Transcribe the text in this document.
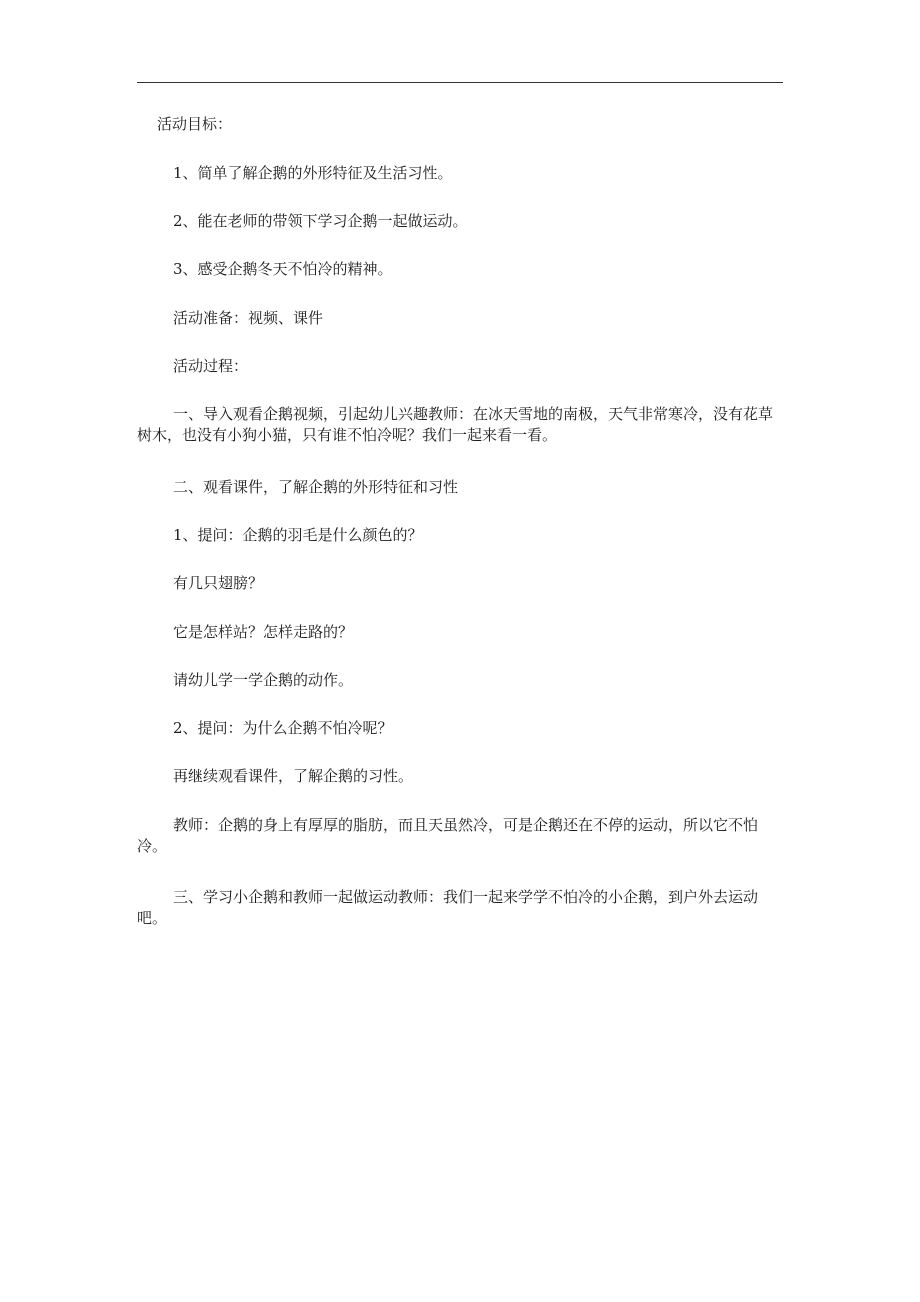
活动目标：

1、简单了解企鹅的外形特征及生活习性。

2、能在老师的带领下学习企鹅一起做运动。

3、感受企鹅冬天不怕冷的精神。

活动准备：视频、课件

活动过程：

一、导入观看企鹅视频，引起幼儿兴趣教师：在冰天雪地的南极，天气非常寒冷，没有花草树木，也没有小狗小猫，只有谁不怕冷呢？我们一起来看一看。

二、观看课件，了解企鹅的外形特征和习性

1、提问：企鹅的羽毛是什么颜色的？

有几只翅膀？

它是怎样站？怎样走路的？

请幼儿学一学企鹅的动作。

2、提问：为什么企鹅不怕冷呢？

再继续观看课件，了解企鹅的习性。

教师：企鹅的身上有厚厚的脂肪，而且天虽然冷，可是企鹅还在不停的运动，所以它不怕冷。

三、学习小企鹅和教师一起做运动教师：我们一起来学学不怕冷的小企鹅，到户外去运动吧。
